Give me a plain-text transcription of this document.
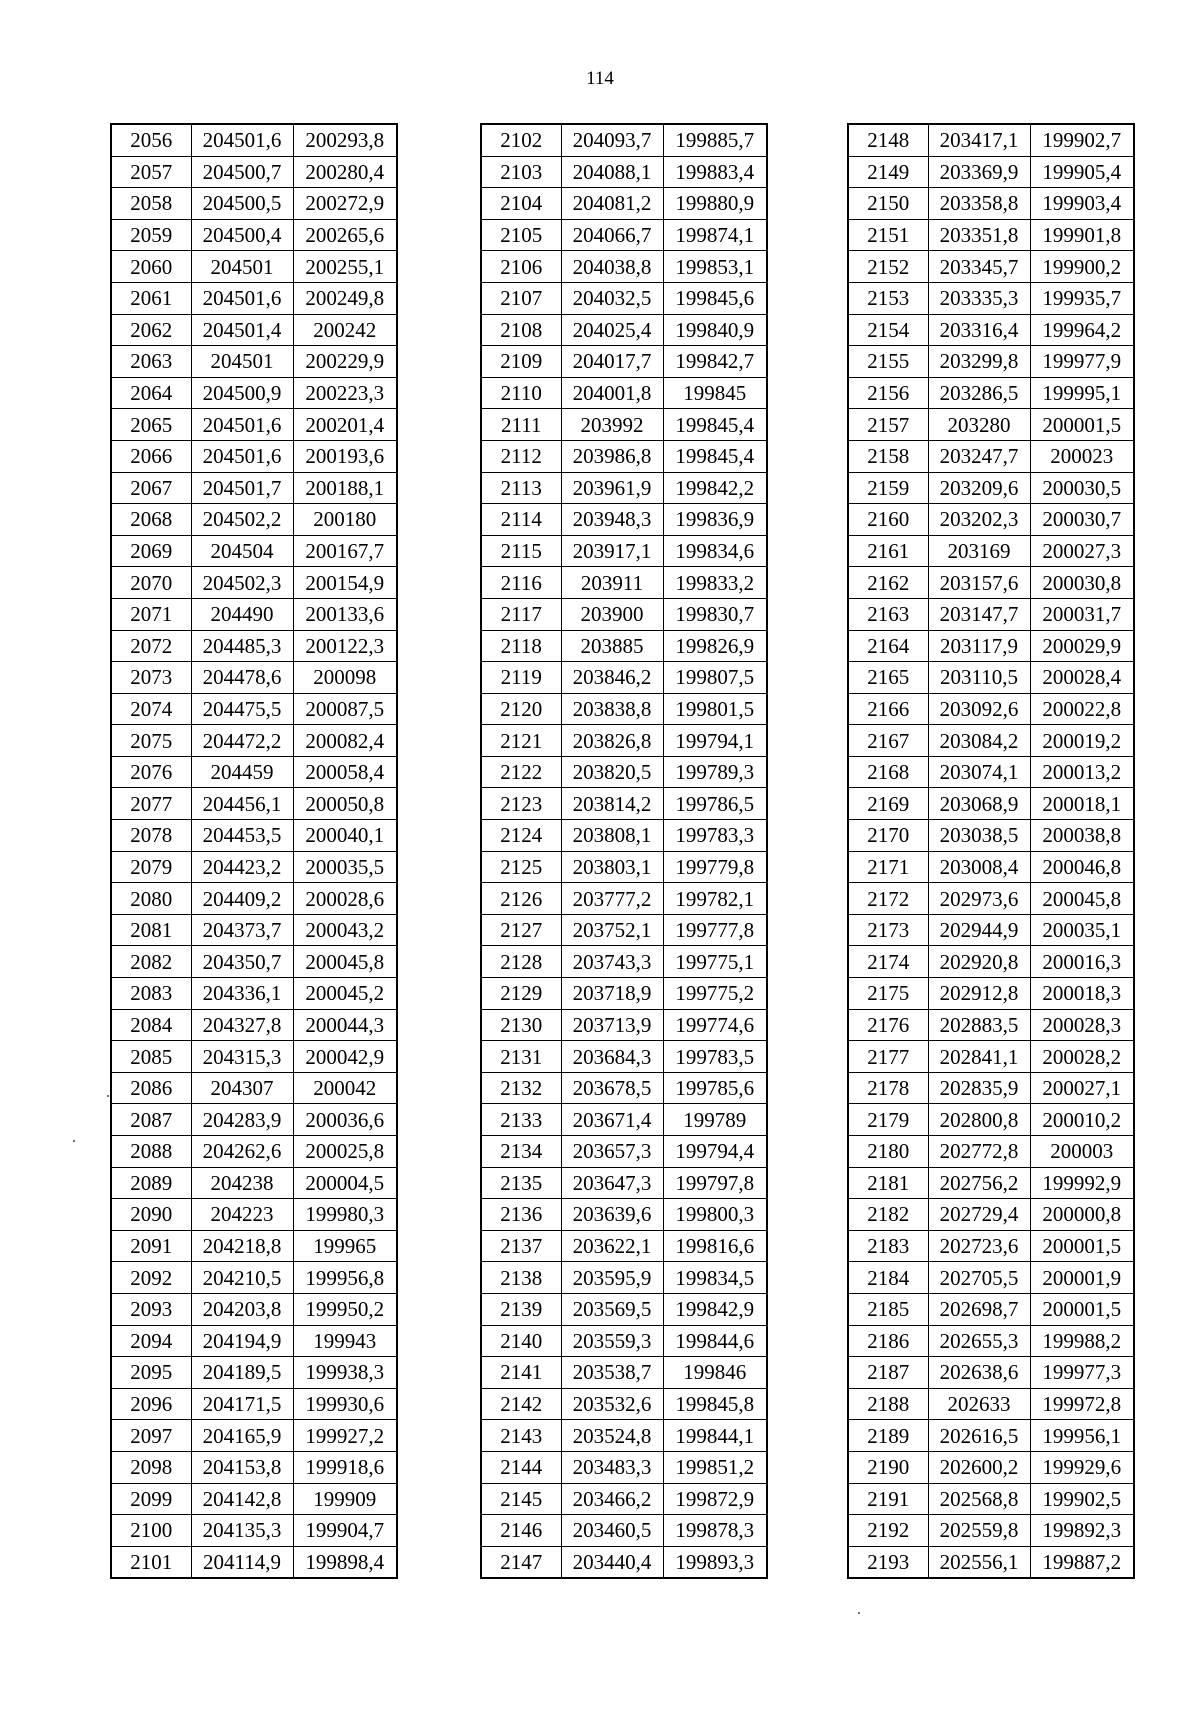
114
2056	204501,6	200293,8
2057	204500,7	200280,4
2058	204500,5	200272,9
2059	204500,4	200265,6
2060	204501	200255,1
2061	204501,6	200249,8
2062	204501,4	200242
2063	204501	200229,9
2064	204500,9	200223,3
2065	204501,6	200201,4
2066	204501,6	200193,6
2067	204501,7	200188,1
2068	204502,2	200180
2069	204504	200167,7
2070	204502,3	200154,9
2071	204490	200133,6
2072	204485,3	200122,3
2073	204478,6	200098
2074	204475,5	200087,5
2075	204472,2	200082,4
2076	204459	200058,4
2077	204456,1	200050,8
2078	204453,5	200040,1
2079	204423,2	200035,5
2080	204409,2	200028,6
2081	204373,7	200043,2
2082	204350,7	200045,8
2083	204336,1	200045,2
2084	204327,8	200044,3
2085	204315,3	200042,9
2086	204307	200042
2087	204283,9	200036,6
2088	204262,6	200025,8
2089	204238	200004,5
2090	204223	199980,3
2091	204218,8	199965
2092	204210,5	199956,8
2093	204203,8	199950,2
2094	204194,9	199943
2095	204189,5	199938,3
2096	204171,5	199930,6
2097	204165,9	199927,2
2098	204153,8	199918,6
2099	204142,8	199909
2100	204135,3	199904,7
2101	204114,9	199898,4
2102	204093,7	199885,7
2103	204088,1	199883,4
2104	204081,2	199880,9
2105	204066,7	199874,1
2106	204038,8	199853,1
2107	204032,5	199845,6
2108	204025,4	199840,9
2109	204017,7	199842,7
2110	204001,8	199845
2111	203992	199845,4
2112	203986,8	199845,4
2113	203961,9	199842,2
2114	203948,3	199836,9
2115	203917,1	199834,6
2116	203911	199833,2
2117	203900	199830,7
2118	203885	199826,9
2119	203846,2	199807,5
2120	203838,8	199801,5
2121	203826,8	199794,1
2122	203820,5	199789,3
2123	203814,2	199786,5
2124	203808,1	199783,3
2125	203803,1	199779,8
2126	203777,2	199782,1
2127	203752,1	199777,8
2128	203743,3	199775,1
2129	203718,9	199775,2
2130	203713,9	199774,6
2131	203684,3	199783,5
2132	203678,5	199785,6
2133	203671,4	199789
2134	203657,3	199794,4
2135	203647,3	199797,8
2136	203639,6	199800,3
2137	203622,1	199816,6
2138	203595,9	199834,5
2139	203569,5	199842,9
2140	203559,3	199844,6
2141	203538,7	199846
2142	203532,6	199845,8
2143	203524,8	199844,1
2144	203483,3	199851,2
2145	203466,2	199872,9
2146	203460,5	199878,3
2147	203440,4	199893,3
2148	203417,1	199902,7
2149	203369,9	199905,4
2150	203358,8	199903,4
2151	203351,8	199901,8
2152	203345,7	199900,2
2153	203335,3	199935,7
2154	203316,4	199964,2
2155	203299,8	199977,9
2156	203286,5	199995,1
2157	203280	200001,5
2158	203247,7	200023
2159	203209,6	200030,5
2160	203202,3	200030,7
2161	203169	200027,3
2162	203157,6	200030,8
2163	203147,7	200031,7
2164	203117,9	200029,9
2165	203110,5	200028,4
2166	203092,6	200022,8
2167	203084,2	200019,2
2168	203074,1	200013,2
2169	203068,9	200018,1
2170	203038,5	200038,8
2171	203008,4	200046,8
2172	202973,6	200045,8
2173	202944,9	200035,1
2174	202920,8	200016,3
2175	202912,8	200018,3
2176	202883,5	200028,3
2177	202841,1	200028,2
2178	202835,9	200027,1
2179	202800,8	200010,2
2180	202772,8	200003
2181	202756,2	199992,9
2182	202729,4	200000,8
2183	202723,6	200001,5
2184	202705,5	200001,9
2185	202698,7	200001,5
2186	202655,3	199988,2
2187	202638,6	199977,3
2188	202633	199972,8
2189	202616,5	199956,1
2190	202600,2	199929,6
2191	202568,8	199902,5
2192	202559,8	199892,3
2193	202556,1	199887,2
